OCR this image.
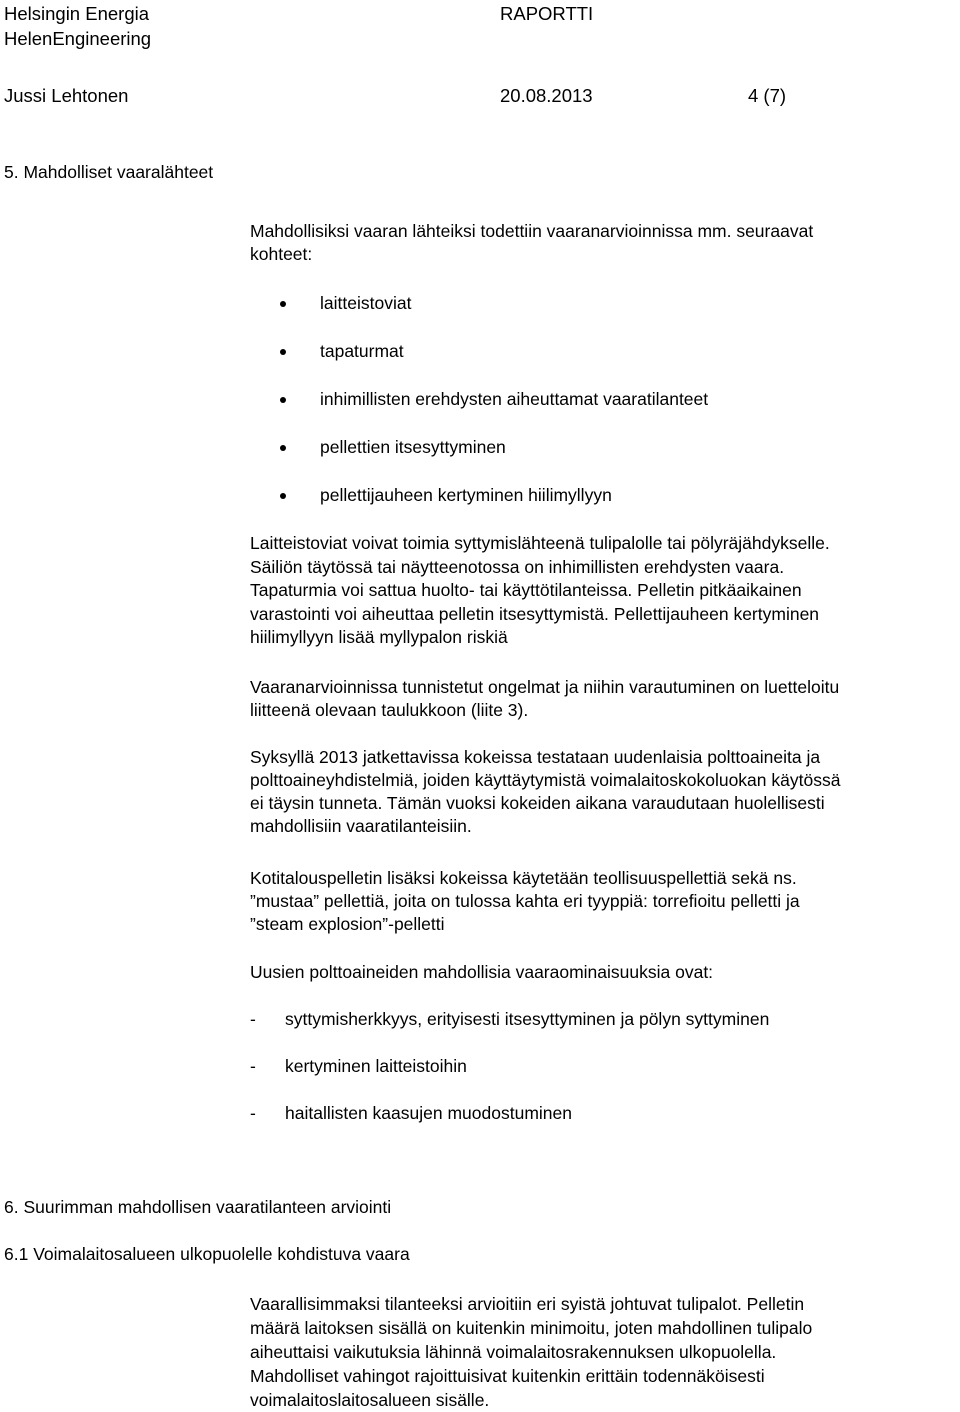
Helsingin Energia	RAPORTTI
HelenEngineering
Jussi Lehtonen	20.08.2013	4 (7)
5. Mahdolliset vaaralähteet

Mahdollisiksi vaaran lähteiksi todettiin vaaranarvioinnissa mm. seuraavat

kohteet:

laitteistoviat
tapaturmat
inhimillisten erehdysten aiheuttamat vaaratilanteet
pellettien itsesyttyminen
pellettijauheen kertyminen hiilimyllyyn

Laitteistoviat voivat toimia syttymislähteenä tulipalolle tai pölyräjähdykselle.

Säiliön täytössä tai näytteenotossa on inhimillisten erehdysten vaara.

Tapaturmia voi sattua huolto- tai käyttötilanteissa. Pelletin pitkäaikainen

varastointi voi aiheuttaa pelletin itsesyttymistä. Pellettijauheen kertyminen

hiilimyllyyn lisää myllypalon riskiä

Vaaranarvioinnissa tunnistetut ongelmat ja niihin varautuminen on luetteloitu

liitteenä olevaan taulukkoon (liite 3).

Syksyllä 2013 jatkettavissa kokeissa testataan uudenlaisia polttoaineita ja

polttoaineyhdistelmiä, joiden käyttäytymistä voimalaitoskokoluokan käytössä

ei täysin tunneta. Tämän vuoksi kokeiden aikana varaudutaan huolellisesti

mahdollisiin vaaratilanteisiin.

Kotitalouspelletin lisäksi kokeissa käytetään teollisuuspellettiä sekä ns.

”mustaa” pellettiä, joita on tulossa kahta eri tyyppiä: torrefioitu pelletti ja

”steam explosion”-pelletti

Uusien polttoaineiden mahdollisia vaaraominaisuuksia ovat:

- syttymisherkkyys, erityisesti itsesyttyminen ja pölyn syttyminen
- kertyminen laitteistoihin
- haitallisten kaasujen muodostuminen
6. Suurimman mahdollisen vaaratilanteen arviointi
6.1 Voimalaitosalueen ulkopuolelle kohdistuva vaara

Vaarallisimmaksi tilanteeksi arvioitiin eri syistä johtuvat tulipalot. Pelletin

määrä laitoksen sisällä on kuitenkin minimoitu, joten mahdollinen tulipalo

aiheuttaisi vaikutuksia lähinnä voimalaitosrakennuksen ulkopuolella.

Mahdolliset vahingot rajoittuisivat kuitenkin erittäin todennäköisesti

voimalaitoslaitosalueen sisälle.
